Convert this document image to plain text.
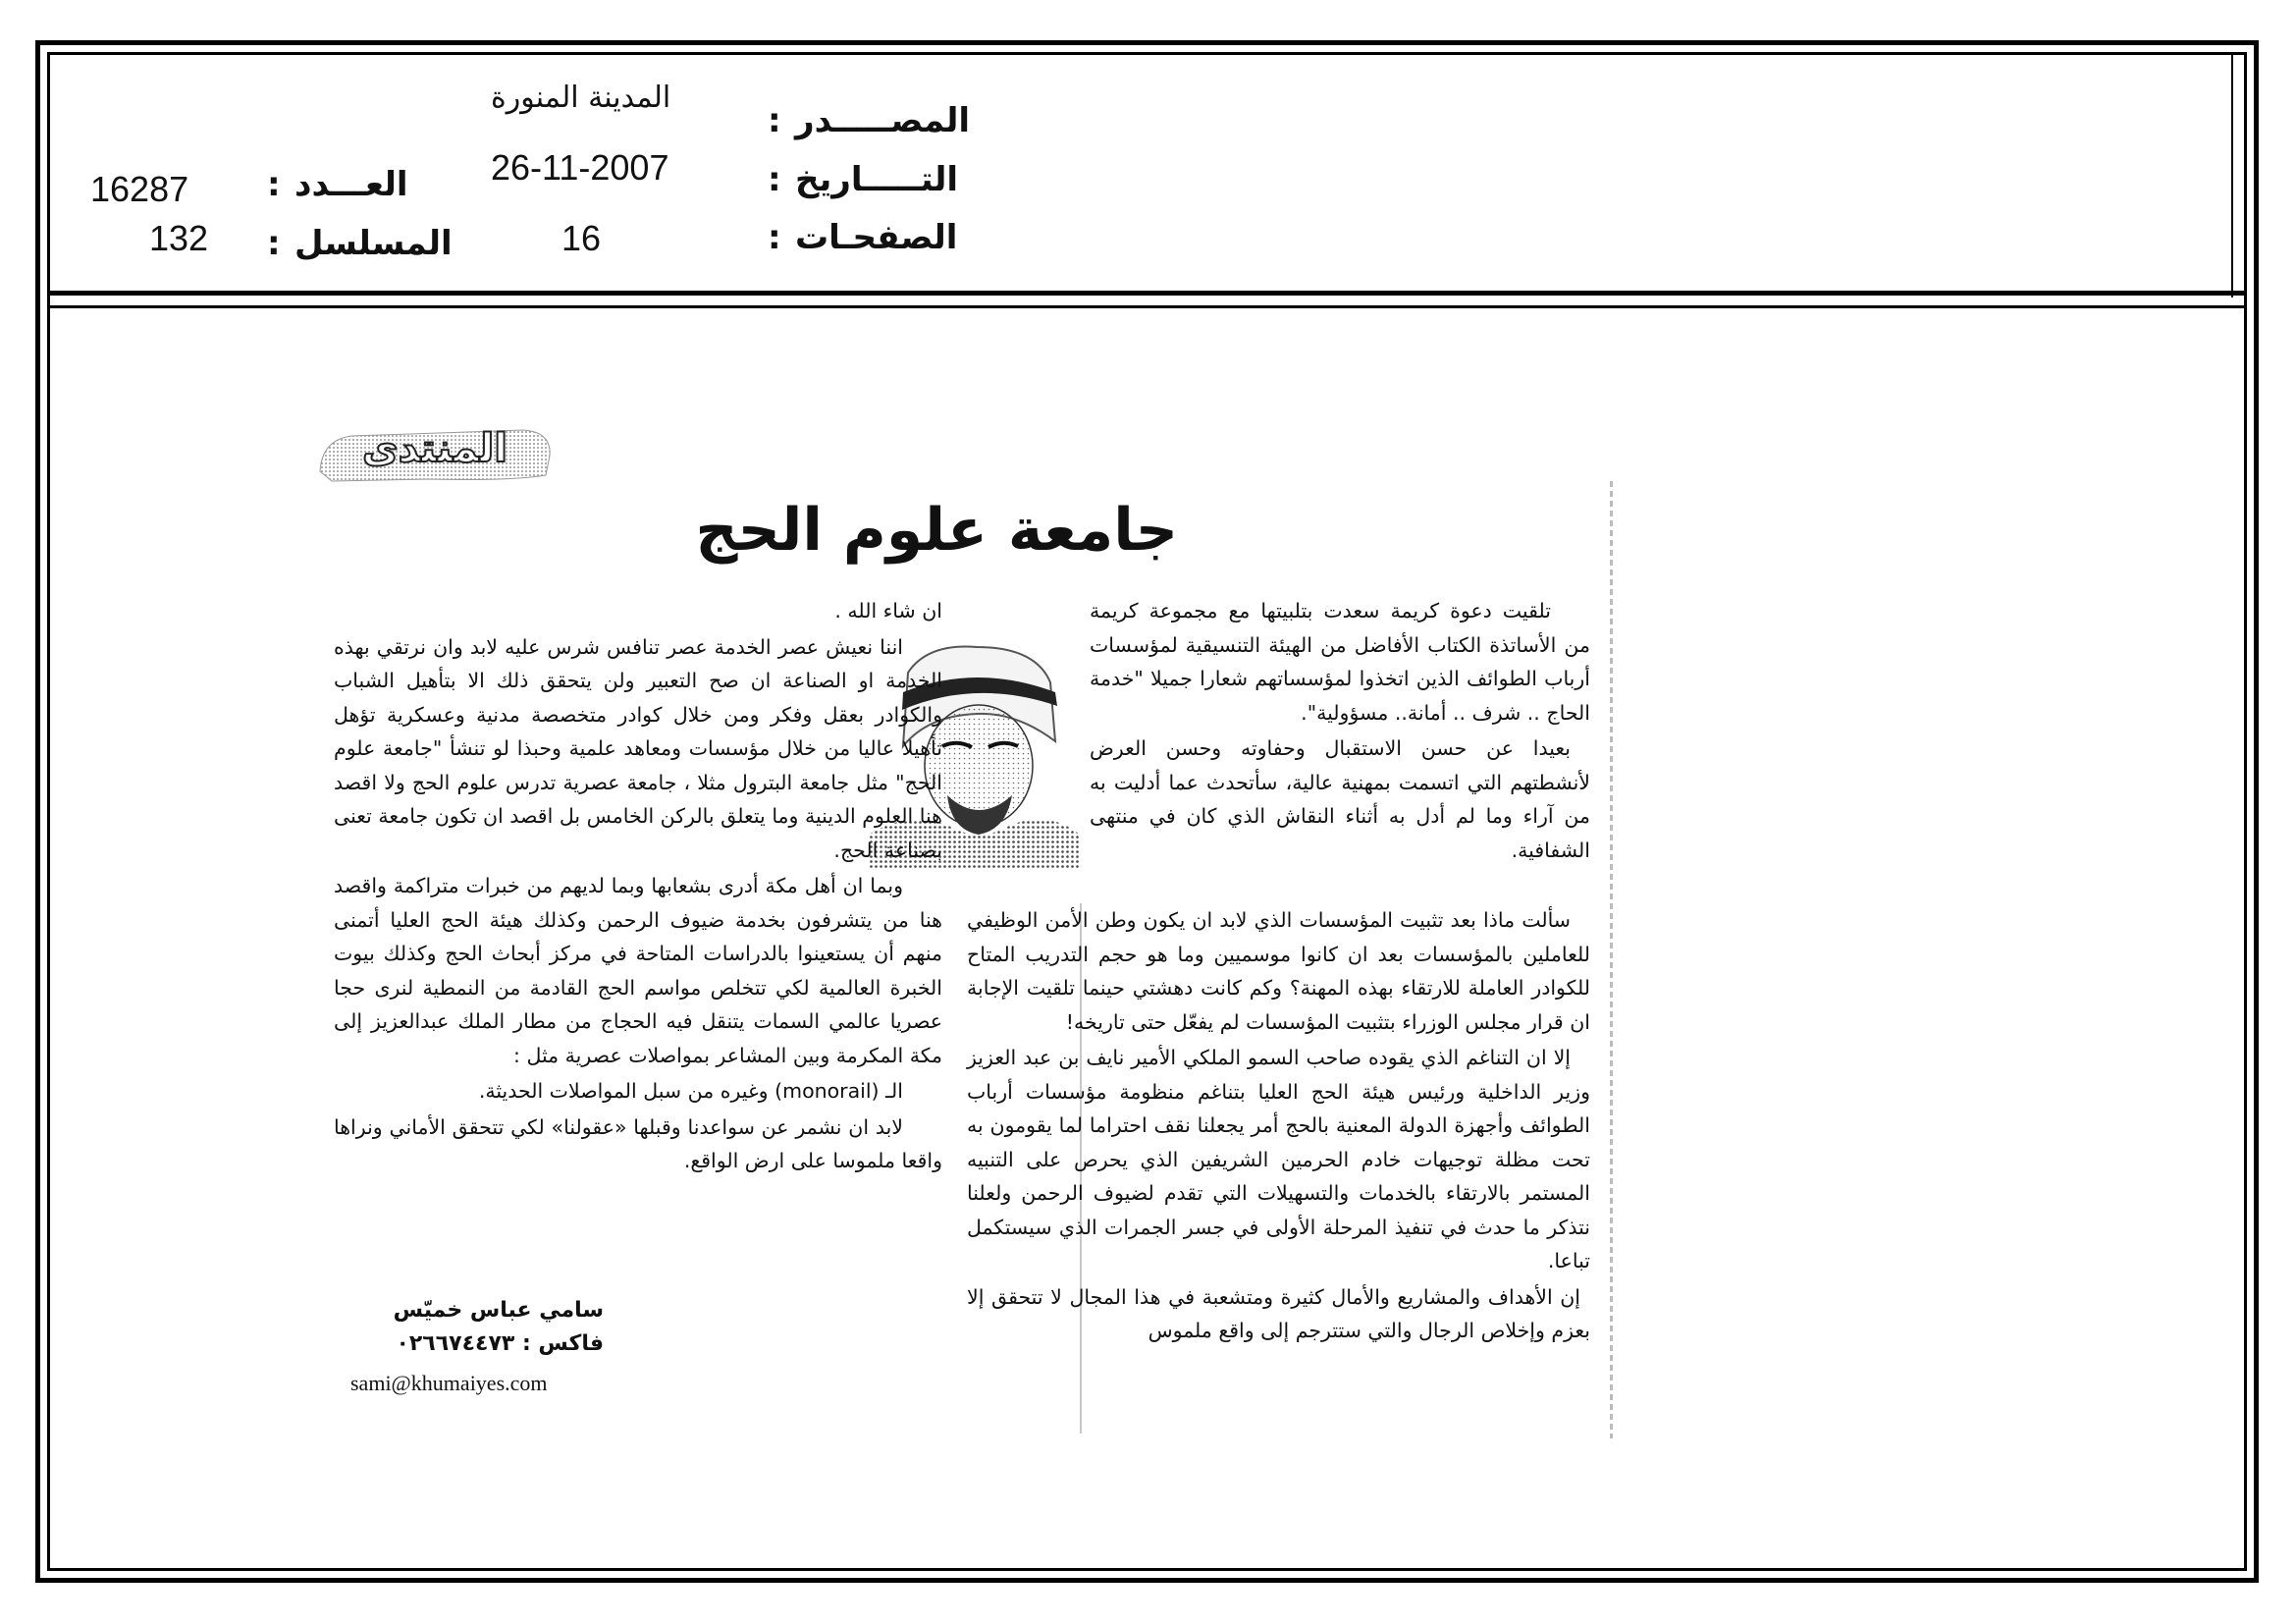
المصـــــدر
:
المدينة المنورة
التـــــاريخ
:
26-11-2007
الصفحـات
:
16
العـــدد
:
16287
المسلسل
:
132
المنتدى
جامعة علوم الحج

تلقيت دعوة كريمة سعدت بتلبيتها مع مجموعة كريمة من الأساتذة الكتاب الأفاضل من الهيئة التنسيقية لمؤسسات أرباب الطوائف الذين اتخذوا لمؤسساتهم شعارا جميلا "خدمة الحاج .. شرف .. أمانة.. مسؤولية".

بعيدا عن حسن الاستقبال وحفاوته وحسن العرض لأنشطتهم التي اتسمت بمهنية عالية، سأتحدث عما أدليت به من آراء وما لم أدل به أثناء النقاش الذي كان في منتهى الشفافية.

سألت ماذا بعد تثبيت المؤسسات الذي لابد ان يكون وطن الأمن الوظيفي للعاملين بالمؤسسات بعد ان كانوا موسميين وما هو حجم التدريب المتاح للكوادر العاملة للارتقاء بهذه المهنة؟ وكم كانت دهشتي حينما تلقيت الإجابة ان قرار مجلس الوزراء بتثبيت المؤسسات لم يفعّل حتى تاريخه!

إلا ان التناغم الذي يقوده صاحب السمو الملكي الأمير نايف بن عبد العزيز وزير الداخلية ورئيس هيئة الحج العليا بتناغم منظومة مؤسسات أرباب الطوائف وأجهزة الدولة المعنية بالحج أمر يجعلنا نقف احتراما لما يقومون به تحت مظلة توجيهات خادم الحرمين الشريفين الذي يحرص على التنبيه المستمر بالارتقاء بالخدمات والتسهيلات التي تقدم لضيوف الرحمن ولعلنا نتذكر ما حدث في تنفيذ المرحلة الأولى في جسر الجمرات الذي سيستكمل تباعا.

إن الأهداف والمشاريع والأمال كثيرة ومتشعبة في هذا المجال لا تتحقق إلا بعزم وإخلاص الرجال والتي ستترجم إلى واقع ملموس

ان شاء الله .

اننا نعيش عصر الخدمة عصر تنافس شرس عليه لابد وان نرتقي بهذه الخدمة او الصناعة ان صح التعبير ولن يتحقق ذلك الا بتأهيل الشباب والكوادر بعقل وفكر ومن خلال كوادر متخصصة مدنية وعسكرية تؤهل تأهيلا عاليا من خلال مؤسسات ومعاهد علمية وحبذا لو تنشأ "جامعة علوم الحج" مثل جامعة البترول مثلا ، جامعة عصرية تدرس علوم الحج ولا اقصد هنا العلوم الدينية وما يتعلق بالركن الخامس بل اقصد ان تكون جامعة تعنى بصناعة الحج.

وبما ان أهل مكة أدرى بشعابها وبما لديهم من خبرات متراكمة واقصد هنا من يتشرفون بخدمة ضيوف الرحمن وكذلك هيئة الحج العليا أتمنى منهم أن يستعينوا بالدراسات المتاحة في مركز أبحاث الحج وكذلك بيوت الخبرة العالمية لكي تتخلص مواسم الحج القادمة من النمطية لنرى حجا عصريا عالمي السمات يتنقل فيه الحجاج من مطار الملك عبدالعزيز إلى مكة المكرمة وبين المشاعر بمواصلات عصرية مثل :

الـ (monorail) وغيره من سبل المواصلات الحديثة.

لابد ان نشمر عن سواعدنا وقبلها «عقولنا» لكي تتحقق الأماني ونراها واقعا ملموسا على ارض الواقع.

سامي عباس خميّس
فاكس : ٠٢٦٦٧٤٤٧٣
sami@khumaiyes.com
